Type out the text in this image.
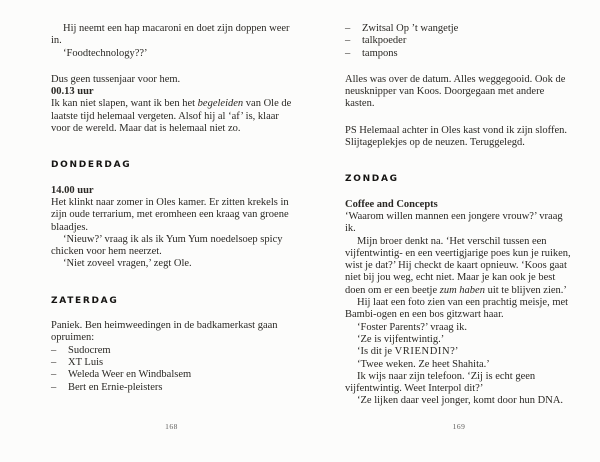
Hij neemt een hap macaroni en doet zijn doppen weer in.

‘Foodtechnology??’

Dus geen tussenjaar voor hem.

00.13 uur

Ik kan niet slapen, want ik ben het begeleiden van Ole de laatste tijd helemaal vergeten. Alsof hij al ‘af’ is, klaar voor de wereld. Maar dat is helemaal niet zo.

DONDERDAG

14.00 uur

Het klinkt naar zomer in Oles kamer. Er zitten krekels in zijn oude terrarium, met eromheen een kraag van groene blaadjes.

‘Nieuw?’ vraag ik als ik Yum Yum noedelsoep spicy chicken voor hem neerzet.

‘Niet zoveel vragen,’ zegt Ole.

ZATERDAG

Paniek. Ben heimweedingen in de badkamerkast gaan opruimen:

–	Sudocrem
–	XT Luis
–	Weleda Weer en Windbalsem
–	Bert en Ernie-pleisters
168
–	Zwitsal Op ’t wangetje
–	talkpoeder
–	tampons

Alles was over de datum. Alles weggegooid. Ook de neusknipper van Koos. Doorgegaan met andere kasten.

PS Helemaal achter in Oles kast vond ik zijn sloffen. Slijtageplekjes op de neuzen. Teruggelegd.

ZONDAG

Coffee and Concepts

‘Waarom willen mannen een jongere vrouw?’ vraag ik.

Mijn broer denkt na. ‘Het verschil tussen een vijfentwintig- en een veertigjarige poes kun je ruiken, wist je dat?’ Hij checkt de kaart opnieuw. ‘Koos gaat niet bij jou weg, echt niet. Maar je kan ook je best doen om er een beetje zum haben uit te blijven zien.’

Hij laat een foto zien van een prachtig meisje, met Bambi-ogen en een bos gitzwart haar.

‘Foster Parents?’ vraag ik.

‘Ze is vijfentwintig.’

‘Is dit je VRIENDIN?’

‘Twee weken. Ze heet Shahita.’

Ik wijs naar zijn telefoon. ‘Zij is echt geen vijfentwintig. Weet Interpol dit?’

‘Ze lijken daar veel jonger, komt door hun DNA.

169
